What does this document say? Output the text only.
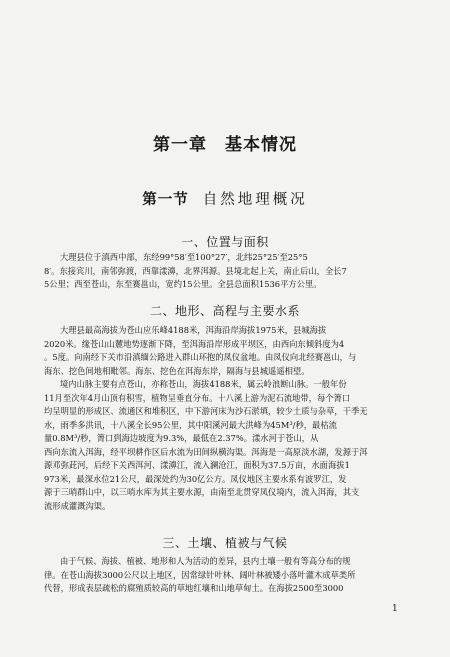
第一章　基本情况
第一节 自然地理概况
一、位置与面积
大理县位于滇西中部，东经99°58′至100°27′，北纬25°25′至25°5
8′。东接宾川，南邻弥渡，西靠漾濞，北界洱源。县境北起上关，南止后山，全长7
5公里；西至苍山，东至赛邕山，宽约15公里。全县总面积1536平方公里。
二、地形、高程与主要水系
大理县最高海拔为苍山应乐峰4188米，洱海沿岸海拔1975米，县城海拔
2020米。缘苍山山麓地势逐渐下降，至洱海沿岸形成平坝区，由西向东倾斜度为4
。5度。向南经下关市沿滇缅公路进入群山环抱的凤仪盆地。由凤仪向北经赛邕山，与
海东、挖色间地相毗邻。海东、挖色在洱海东岸，隔海与县城遥遥相望。
境内山脉主要有点苍山，亦称苍山，海拔4188米，属云岭浪断山脉。一般年份
11月至次年4月山顶有积雪，植物呈垂直分布。十八溪上游为泥石流地带，每个箐口
均呈明显的形成区、流通区和堆积区，中下游河床为沙石淤填，较少土质与杂草，干季无
水，雨季多洪讯，十八溪全长95公里，其中阳溪河最大洪峰为45M³/秒，最枯流
量0.8M³/秒，箐口到海边坡度为9.3%，最低在2.37%。漾水河于苍山，从
西向东流入洱海，经平坝耕作区后水流为田间纵横沟渠。洱海是一高原淡水湖，发源于洱
源邓弥茈河，后经下关西洱河、漾濞江，流入澜沧江，面积为37.5万亩，水面海拔1
973米，最深水位21公尺，最深处约为30亿公方。凤仪地区主要水系有波罗江，发
源于三哨群山中，以三哨水库为其主要水源，由南至北贯穿凤仪境内，流入洱海，其支
流形成灌溉沟渠。
三、土壤、植被与气候
由于气候、海拔、植被、地形和人为活动的差异，县内土壤一般有等高分布的规
律。在苍山海拔3000公尺以上地区，因常绿针叶林、阔叶林被矮小落叶灌木成草类所
代替，形成表层疏松的腐殖质较高的草地红壤和山地草甸土。在海拔2500至3000
1
